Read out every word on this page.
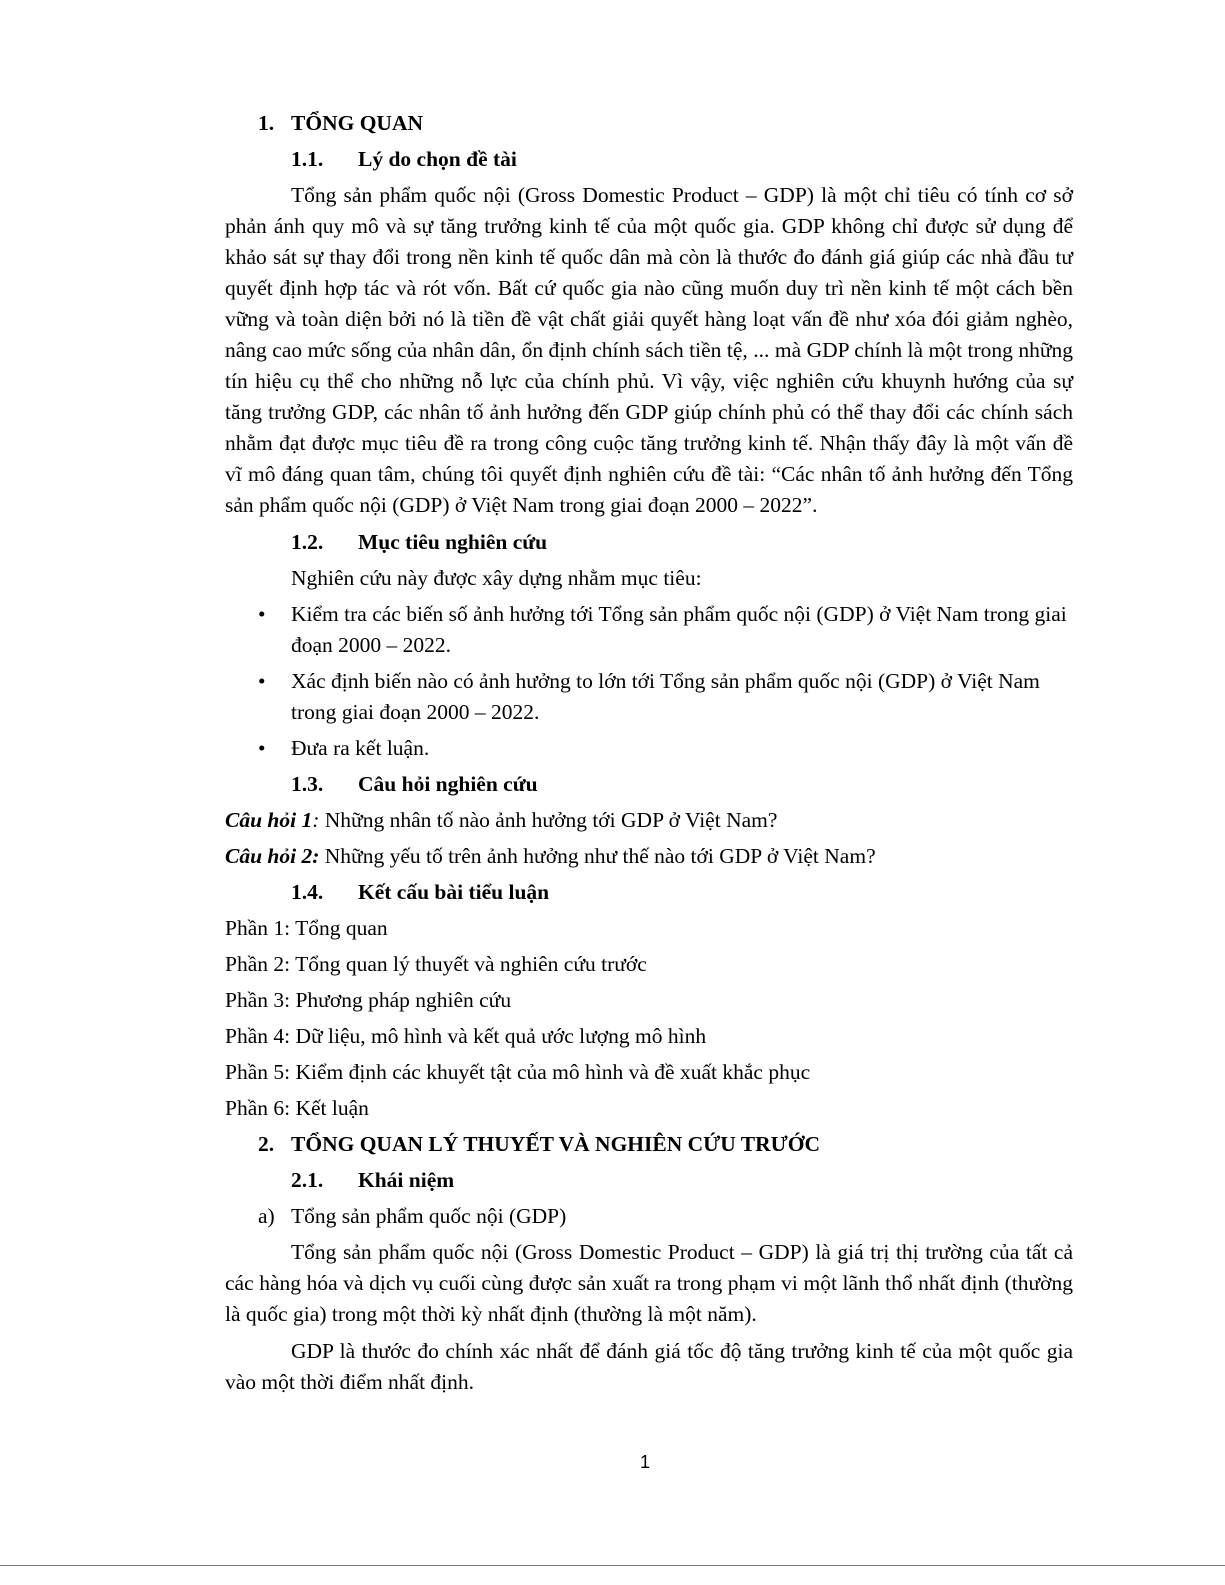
1. TỔNG QUAN
1.1.	Lý do chọn đề tài

Tổng sản phẩm quốc nội (Gross Domestic Product – GDP) là một chỉ tiêu có tính cơ sở phản ánh quy mô và sự tăng trưởng kinh tế của một quốc gia. GDP không chỉ được sử dụng để khảo sát sự thay đổi trong nền kinh tế quốc dân mà còn là thước đo đánh giá giúp các nhà đầu tư quyết định hợp tác và rót vốn. Bất cứ quốc gia nào cũng muốn duy trì nền kinh tế một cách bền vững và toàn diện bởi nó là tiền đề vật chất giải quyết hàng loạt vấn đề như xóa đói giảm nghèo, nâng cao mức sống của nhân dân, ổn định chính sách tiền tệ, ... mà GDP chính là một trong những tín hiệu cụ thể cho những nỗ lực của chính phủ. Vì vậy, việc nghiên cứu khuynh hướng của sự tăng trưởng GDP, các nhân tố ảnh hưởng đến GDP giúp chính phủ có thể thay đổi các chính sách nhằm đạt được mục tiêu đề ra trong công cuộc tăng trưởng kinh tế. Nhận thấy đây là một vấn đề vĩ mô đáng quan tâm, chúng tôi quyết định nghiên cứu đề tài: “Các nhân tố ảnh hưởng đến Tổng sản phẩm quốc nội (GDP) ở Việt Nam trong giai đoạn 2000 – 2022”.

1.2.	Mục tiêu nghiên cứu

Nghiên cứu này được xây dựng nhằm mục tiêu:

• Kiểm tra các biến số ảnh hưởng tới Tổng sản phẩm quốc nội (GDP) ở Việt Nam trong giai đoạn 2000 – 2022.
• Xác định biến nào có ảnh hưởng to lớn tới Tổng sản phẩm quốc nội (GDP) ở Việt Nam trong giai đoạn 2000 – 2022.
• Đưa ra kết luận.
1.3.	Câu hỏi nghiên cứu

Câu hỏi 1: Những nhân tố nào ảnh hưởng tới GDP ở Việt Nam?

Câu hỏi 2: Những yếu tố trên ảnh hưởng như thế nào tới GDP ở Việt Nam?

1.4.	Kết cấu bài tiểu luận
Phần 1: Tổng quan
Phần 2: Tổng quan lý thuyết và nghiên cứu trước
Phần 3: Phương pháp nghiên cứu
Phần 4: Dữ liệu, mô hình và kết quả ước lượng mô hình
Phần 5: Kiểm định các khuyết tật của mô hình và đề xuất khắc phục
Phần 6: Kết luận
2. TỔNG QUAN LÝ THUYẾT VÀ NGHIÊN CỨU TRƯỚC
2.1.	Khái niệm
a) Tổng sản phẩm quốc nội (GDP)

Tổng sản phẩm quốc nội (Gross Domestic Product – GDP) là giá trị thị trường của tất cả các hàng hóa và dịch vụ cuối cùng được sản xuất ra trong phạm vi một lãnh thổ nhất định (thường là quốc gia) trong một thời kỳ nhất định (thường là một năm).

GDP là thước đo chính xác nhất để đánh giá tốc độ tăng trưởng kinh tế của một quốc gia vào một thời điểm nhất định.

1
